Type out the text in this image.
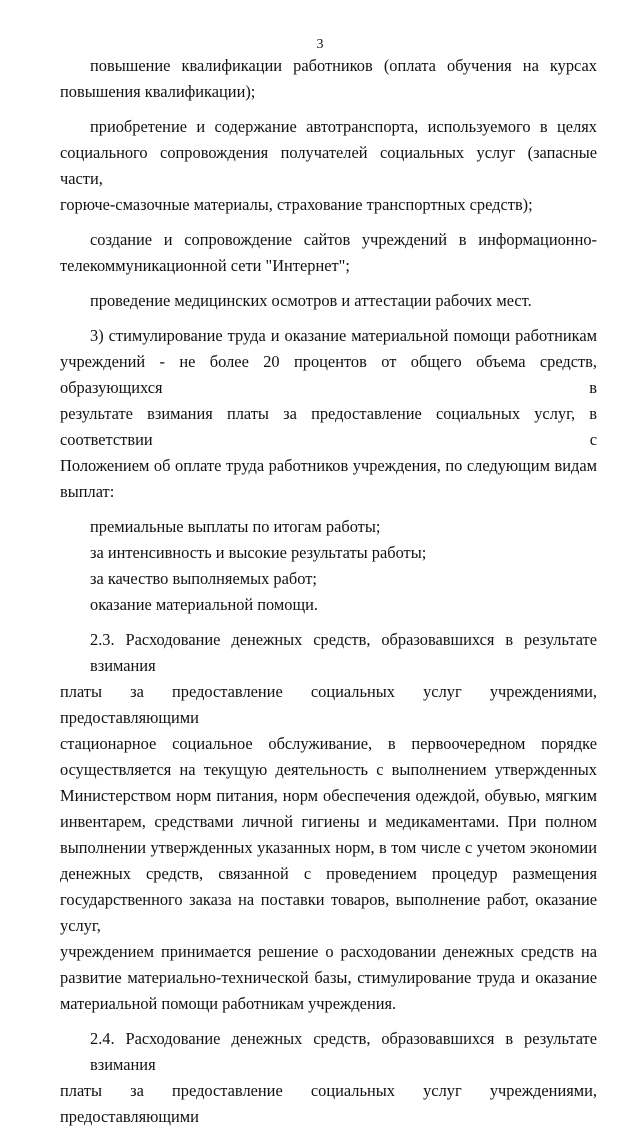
3
повышение квалификации работников (оплата обучения на курсах
повышения квалификации);
приобретение и содержание автотранспорта, используемого в целях
социального сопровождения получателей социальных услуг (запасные части,
горюче-смазочные материалы, страхование транспортных средств);
создание и сопровождение сайтов учреждений в информационно-
телекоммуникационной сети "Интернет";
проведение медицинских осмотров и аттестации рабочих мест.
3) стимулирование труда и оказание материальной помощи работникам
учреждений - не более 20 процентов от общего объема средств, образующихся в
результате взимания платы за предоставление социальных услуг, в соответствии с
Положением об оплате труда работников учреждения, по следующим видам
выплат:
премиальные выплаты по итогам работы;
за интенсивность и высокие результаты работы;
за качество выполняемых работ;
оказание материальной помощи.
2.3. Расходование денежных средств, образовавшихся в результате взимания
платы за предоставление социальных услуг учреждениями, предоставляющими
стационарное социальное обслуживание, в первоочередном порядке
осуществляется на текущую деятельность с выполнением утвержденных
Министерством норм питания, норм обеспечения одеждой, обувью, мягким
инвентарем, средствами личной гигиены и медикаментами. При полном
выполнении утвержденных указанных норм, в том числе с учетом экономии
денежных средств, связанной с проведением процедур размещения
государственного заказа на поставки товаров, выполнение работ, оказание услуг,
учреждением принимается решение о расходовании денежных средств на
развитие материально-технической базы, стимулирование труда и оказание
материальной помощи работникам учреждения.
2.4. Расходование денежных средств, образовавшихся в результате взимания
платы за предоставление социальных услуг учреждениями, предоставляющими
